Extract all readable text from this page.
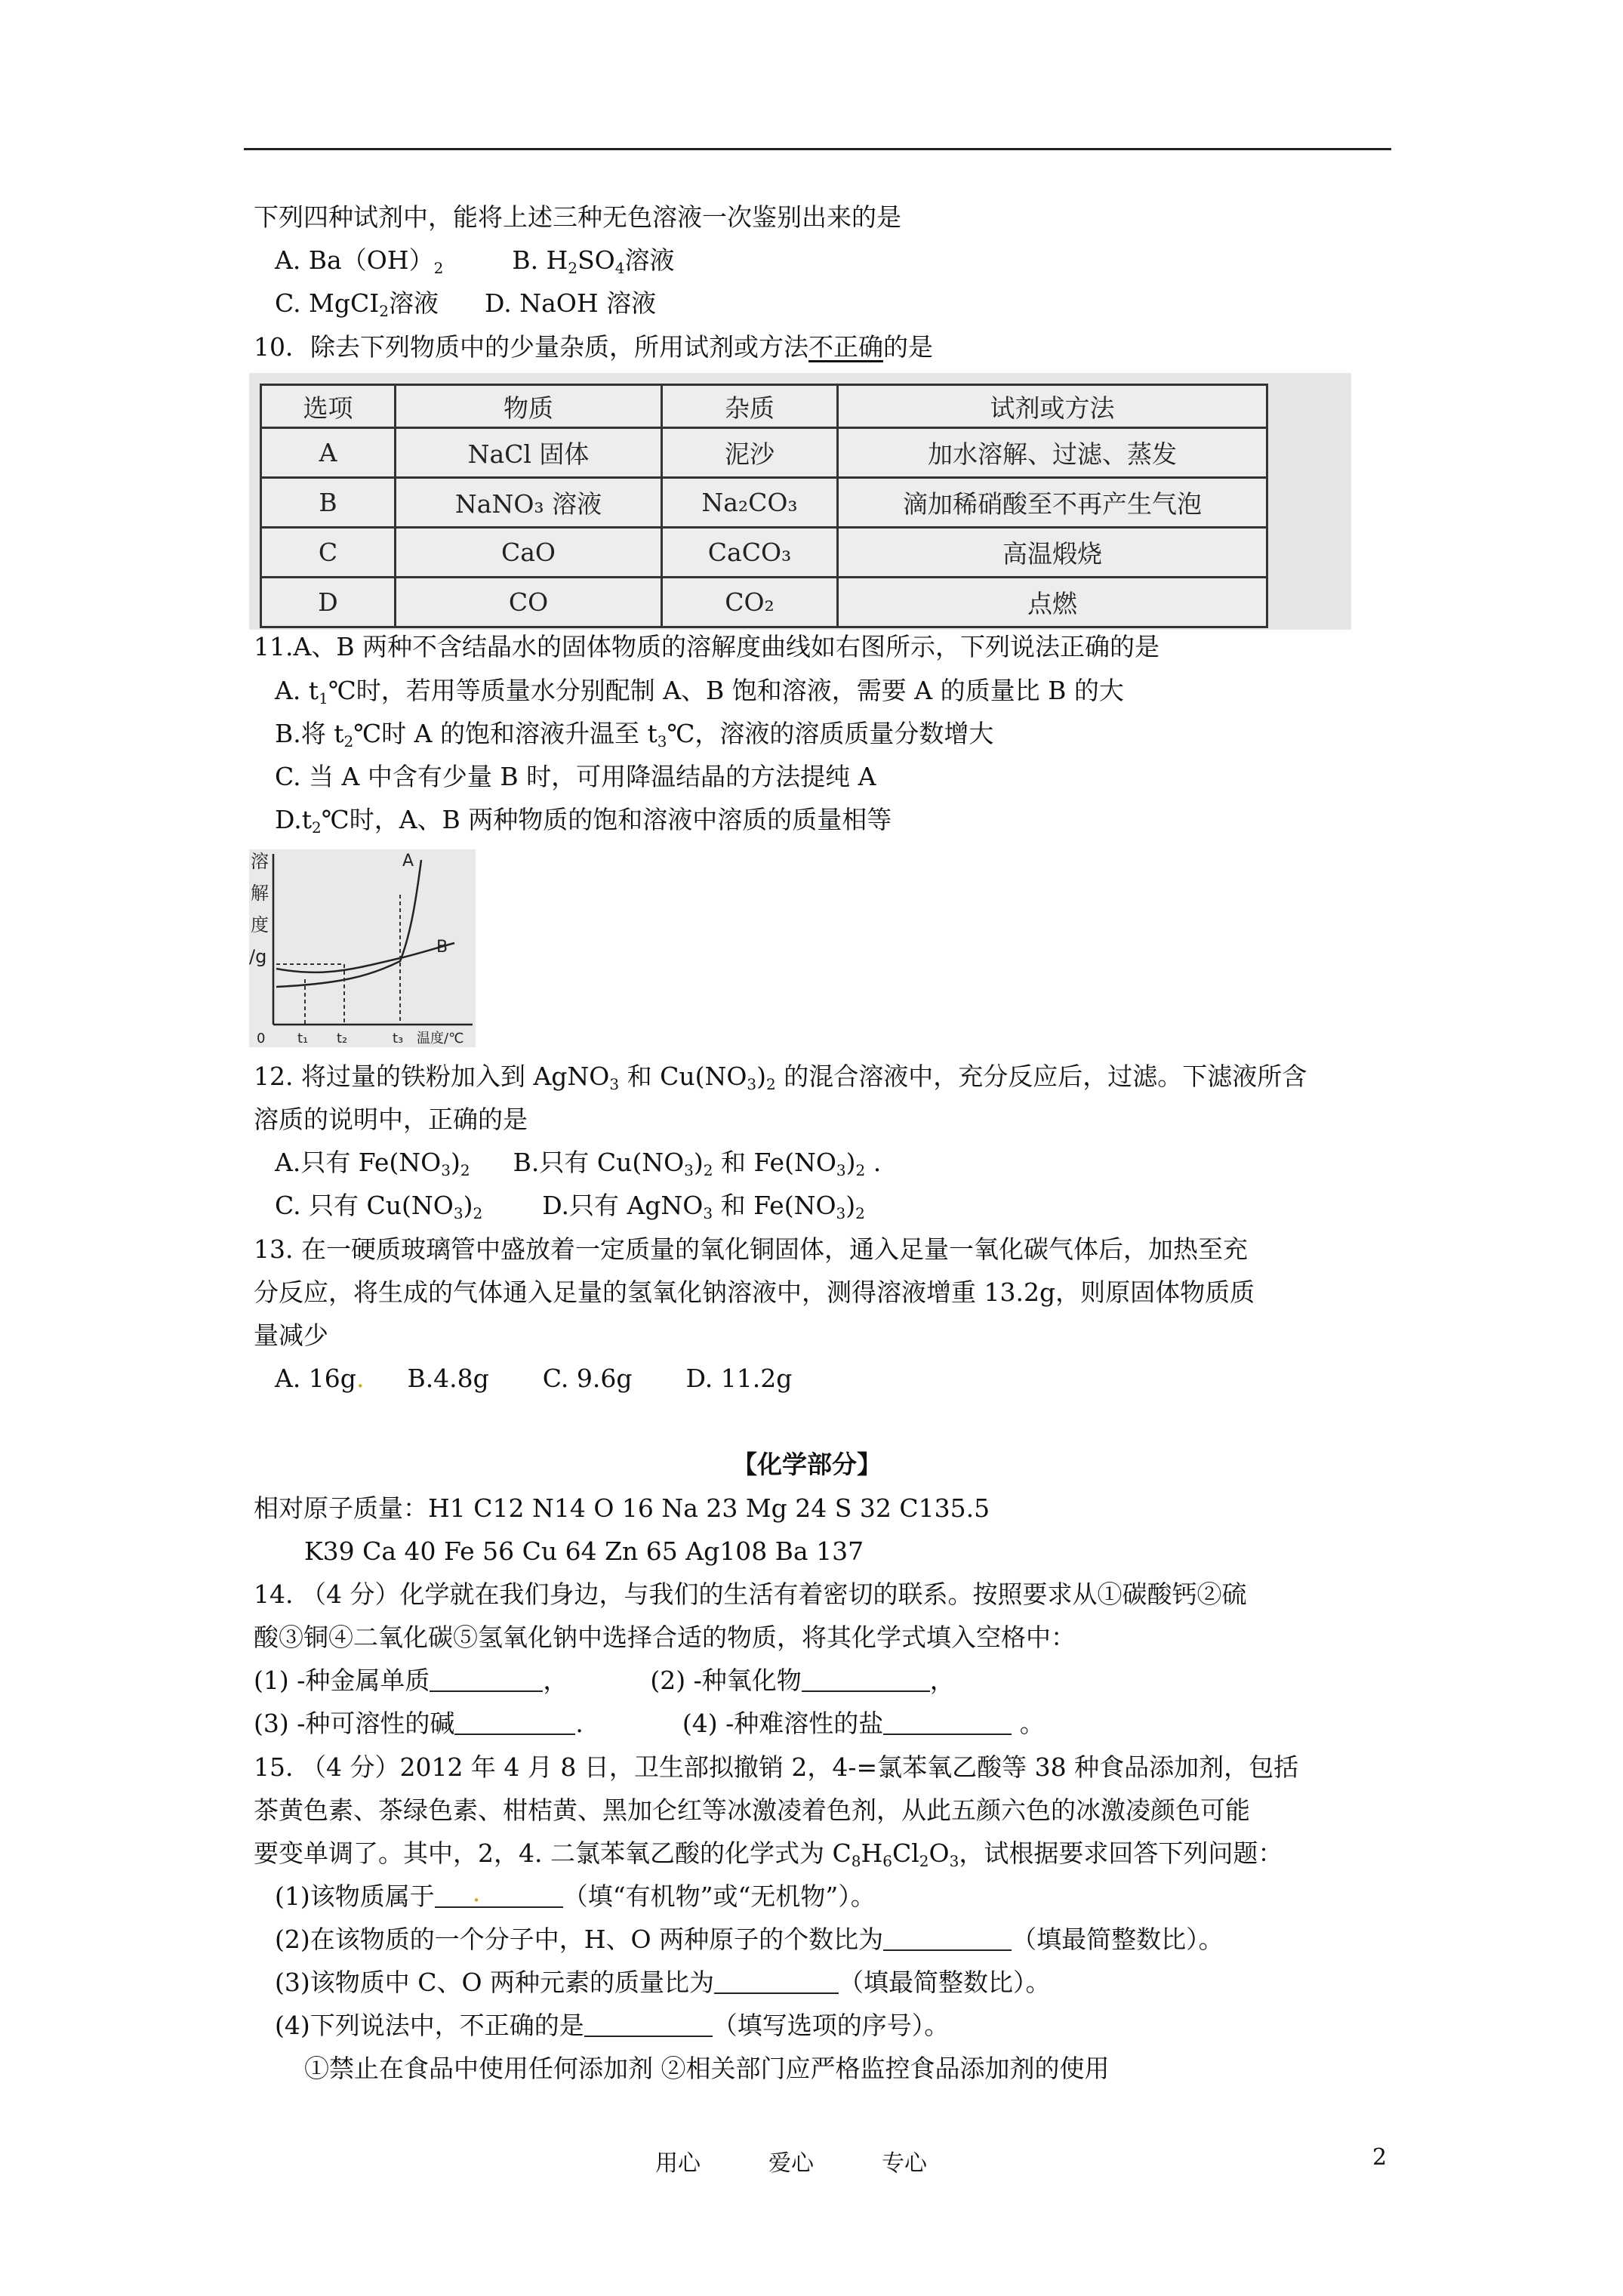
下列四种试剂中，能将上述三种无色溶液一次鉴别出来的是
A. $Ba(OH)_2$	B. $H_2SO_4$溶液
C. MgCI$_2$溶液 D. NaOH 溶液
10．除去下列物质中的少量杂质，所用试剂或方法不正确的是
选项	物质	杂质	试剂或方法
A	NaCl 固体	泥沙	加水溶解、过滤、蒸发
B	NaNO₃ 溶液	Na₂CO₃	滴加稀硝酸至不再产生气泡
C	CaO	CaCO₃	高温煅烧
D	CO	CO₂	点燃
11.A、B 两种不含结晶水的固体物质的溶解度曲线如右图所示，下列说法正确的是
A. $t_1℃$时，若用等质量水分别配制 A、B 饱和溶液，需要 A 的质量比 B 的大
B.将 $t_2℃$时 A 的饱和溶液升温至 $t_3℃$，溶液的溶质质量分数增大
C. 当 A 中含有少量 B 时，可用降温结晶的方法提纯 A
$D.t_2℃$时，A、B 两种物质的饱和溶液中溶质的质量相等
溶
解
度
/g
A
B
0 t₁ t₂	t₃ 温度/℃
12. 将过量的铁粉加入到 AgNO$_3$ 和 $Cu(NO_3)_2$ 的混合溶液中，充分反应后，过滤。下滤液所含
溶质的说明中，正确的是
A.只有 $Fe(NO_3)_2$ B.只有 $Cu(NO_3)_2$ 和 $Fe(NO_3)_2$ .
C. 只有 $Cu(NO_3)_2$ D.只有 AgNO$_3$ 和 $Fe(NO_3)_2$
13. 在一硬质玻璃管中盛放着一定质量的氧化铜固体，通入足量一氧化碳气体后，加热至充
分反应，将生成的气体通入足量的氢氧化钠溶液中，测得溶液增重 13.2g，则原固体物质质
量减少
A. 16g. B.4.8g C. 9.6g D. 11.2g
【化学部分】
相对原子质量：H1 C12 N14 O 16 Na 23 Mg 24 S 32 C135.5
K39 Ca 40 Fe 56 Cu 64 Zn 65 Ag108 Ba 137
14. （4 分）化学就在我们身边，与我们的生活有着密切的联系。按照要求从①碳酸钙②硫
酸③铜④二氧化碳⑤氢氧化钠中选择合适的物质，将其化学式填入空格中：
(1) -种金属单质	，	(2) -种氧化物	，
(3) -种可溶性的碱	.	(4) -种难溶性的盐	。
15. （4 分）2012 年 4 月 8 日，卫生部拟撤销 2，4-=氯苯氧乙酸等 38 种食品添加剂，包括
茶黄色素、茶绿色素、柑桔黄、黑加仑红等冰激凌着色剂，从此五颜六色的冰激凌颜色可能
要变单调了。其中，2，4. 二氯苯氧乙酸的化学式为 $C_8H_6Cl_2O_3$，试根据要求回答下列问题：
(1)该物质属于 .	（填“有机物”或“无机物”）。
(2)在该物质的一个分子中，H、O 两种原子的个数比为	（填最简整数比）。
(3)该物质中 C、O 两种元素的质量比为	（填最简整数比）。
(4)下列说法中，不正确的是	（填写选项的序号）。
①禁止在食品中使用任何添加剂 ②相关部门应严格监控食品添加剂的使用
用心	爱心	专心	2
